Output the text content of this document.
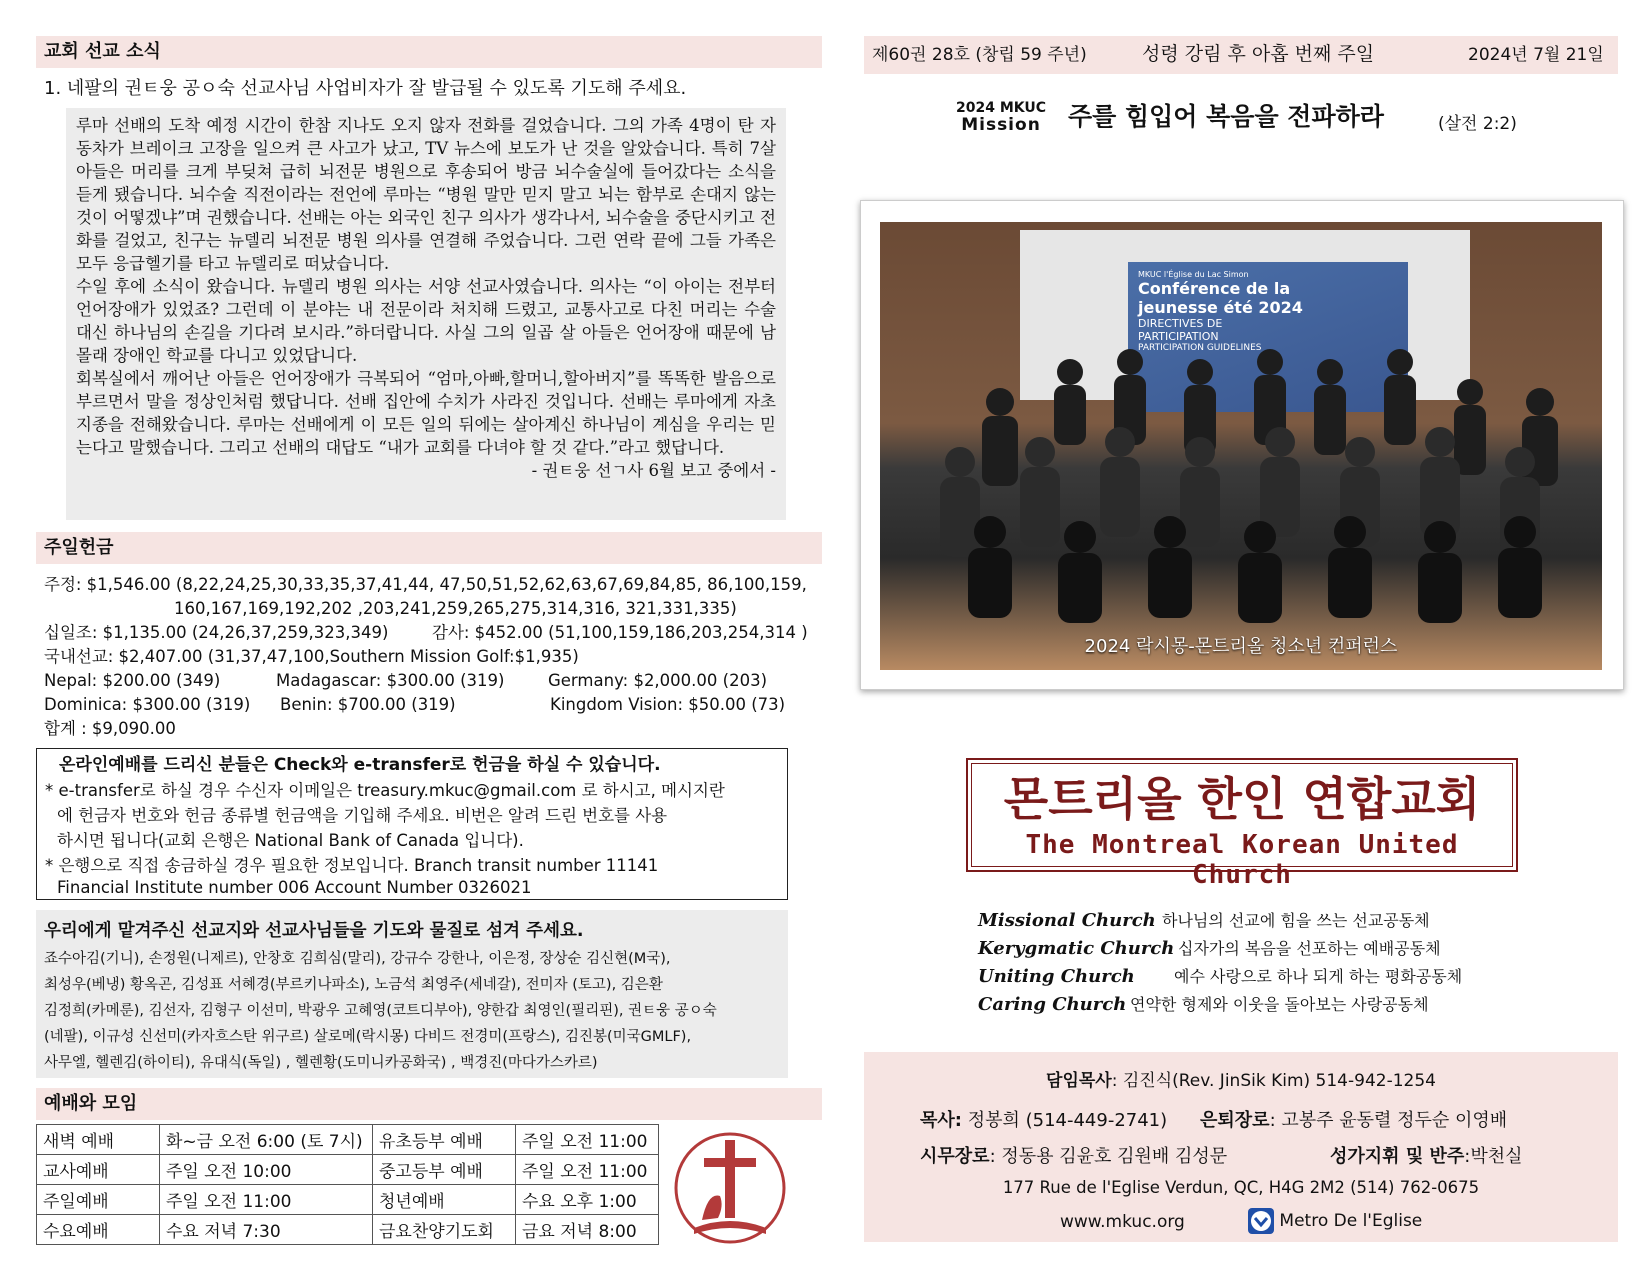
교회 선교 소식
1. 네팔의 권ㅌ웅 공ㅇ숙 선교사님 사업비자가 잘 발급될 수 있도록 기도해 주세요.

루마 선배의 도착 예정 시간이 한참 지나도 오지 않자 전화를 걸었습니다. 그의 가족 4명이 탄 자동차가 브레이크 고장을 일으켜 큰 사고가 났고, TV 뉴스에 보도가 난 것을 알았습니다. 특히 7살 아들은 머리를 크게 부딪쳐 급히 뇌전문 병원으로 후송되어 방금 뇌수술실에 들어갔다는 소식을 듣게 됐습니다. 뇌수술 직전이라는 전언에 루마는 “병원 말만 믿지 말고 뇌는 함부로 손대지 않는 것이 어떻겠냐”며 권했습니다. 선배는 아는 외국인 친구 의사가 생각나서, 뇌수술을 중단시키고 전화를 걸었고, 친구는 뉴델리 뇌전문 병원 의사를 연결해 주었습니다. 그런 연락 끝에 그들 가족은 모두 응급헬기를 타고 뉴델리로 떠났습니다.

수일 후에 소식이 왔습니다. 뉴델리 병원 의사는 서양 선교사였습니다. 의사는 “이 아이는 전부터 언어장애가 있었죠? 그런데 이 분야는 내 전문이라 처치해 드렸고, 교통사고로 다친 머리는 수술 대신 하나님의 손길을 기다려 보시라.”하더랍니다. 사실 그의 일곱 살 아들은 언어장애 때문에 남몰래 장애인 학교를 다니고 있었답니다.

회복실에서 깨어난 아들은 언어장애가 극복되어 “엄마,아빠,할머니,할아버지”를 똑똑한 발음으로 부르면서 말을 정상인처럼 했답니다. 선배 집안에 수치가 사라진 것입니다. 선배는 루마에게 자초지종을 전해왔습니다. 루마는 선배에게 이 모든 일의 뒤에는 살아계신 하나님이 계심을 우리는 믿는다고 말했습니다. 그리고 선배의 대답도 “내가 교회를 다녀야 할 것 같다.”라고 했답니다.

- 권ㅌ웅 선ㄱ사 6월 보고 중에서 -

주일헌금
주정: $1,546.00 (8,22,24,25,30,33,35,37,41,44, 47,50,51,52,62,63,67,69,84,85, 86,100,159,
160,167,169,192,202 ,203,241,259,265,275,314,316, 321,331,335)
십일조: $1,135.00 (24,26,37,259,323,349)	감사: $452.00 (51,100,159,186,203,254,314 )
국내선교: $2,407.00 (31,37,47,100,Southern Mission Golf:$1,935)
Nepal: $200.00 (349)	Madagascar: $300.00 (319)	Germany: $2,000.00 (203)
Dominica: $300.00 (319) Benin: $700.00 (319)	Kingdom Vision: $50.00 (73)
합계 : $9,090.00
온라인예배를 드리신 분들은 Check와 e-transfer로 헌금을 하실 수 있습니다.
* e-transfer로 하실 경우 수신자 이메일은 treasury.mkuc@gmail.com 로 하시고, 메시지란
에 헌금자 번호와 헌금 종류별 헌금액을 기입해 주세요. 비번은 알려 드린 번호를 사용
하시면 됩니다(교회 은행은 National Bank of Canada 입니다).
* 은행으로 직접 송금하실 경우 필요한 정보입니다. Branch transit number 11141
Financial Institute number 006 Account Number 0326021
우리에게 맡겨주신 선교지와 선교사님들을 기도와 물질로 섬겨 주세요.
죠수아김(기니), 손정원(니제르), 안창호 김희심(말리), 강규수 강한나, 이은정, 장상순 김신현(M국),
최성우(베냉) 황옥곤, 김성표 서혜경(부르키나파소), 노금석 최영주(세네갈), 전미자 (토고), 김은환
김정희(카메룬), 김선자, 김형구 이선미, 박광우 고혜영(코트디부아), 양한갑 최영인(필리핀), 권ㅌ웅 공ㅇ숙
(네팔), 이규성 신선미(카자흐스탄 위구르) 살로메(락시몽) 다비드 전경미(프랑스), 김진봉(미국GMLF),
사무엘, 헬렌김(하이티), 유대식(독일) , 헬렌황(도미니카공화국) , 백경진(마다가스카르)
예배와 모임
새벽 예배	화~금 오전 6:00 (토 7시)	유초등부 예배	주일 오전 11:00
교사예배	주일 오전 10:00	중고등부 예배	주일 오전 11:00
주일예배	주일 오전 11:00	청년예배	수요 오후 1:00
수요예배	수요 저녁 7:30	금요찬양기도회	금요 저녁 8:00
제60권 28호 (창립 59 주년)	성령 강림 후 아홉 번째 주일	2024년 7월 21일
2024 MKUC
Mission	주를 힘입어 복음을 전파하라	(살전 2:2)
MKUC l'Église du Lac Simon
Conférence de la
jeunesse été 2024
DIRECTIVES DE
PARTICIPATION
PARTICIPATION GUIDELINES
2024 락시몽-몬트리올 청소년 컨퍼런스
몬트리올 한인 연합교회
The Montreal Korean United Church
Missional Church 하나님의 선교에 힘을 쓰는 선교공동체
Kerygmatic Church 십자가의 복음을 선포하는 예배공동체
Uniting Church 예수 사랑으로 하나 되게 하는 평화공동체
Caring Church 연약한 형제와 이웃을 돌아보는 사랑공동체
담임목사: 김진식(Rev. JinSik Kim) 514-942-1254
목사: 정봉희 (514-449-2741) 은퇴장로: 고봉주 윤동렬 정두순 이영배
시무장로: 정동용 김윤호 김원배 김성문	성가지휘 및 반주:박천실
177 Rue de l'Eglise Verdun, QC, H4G 2M2 (514) 762-0675
www.mkuc.org	Metro De l'Eglise
